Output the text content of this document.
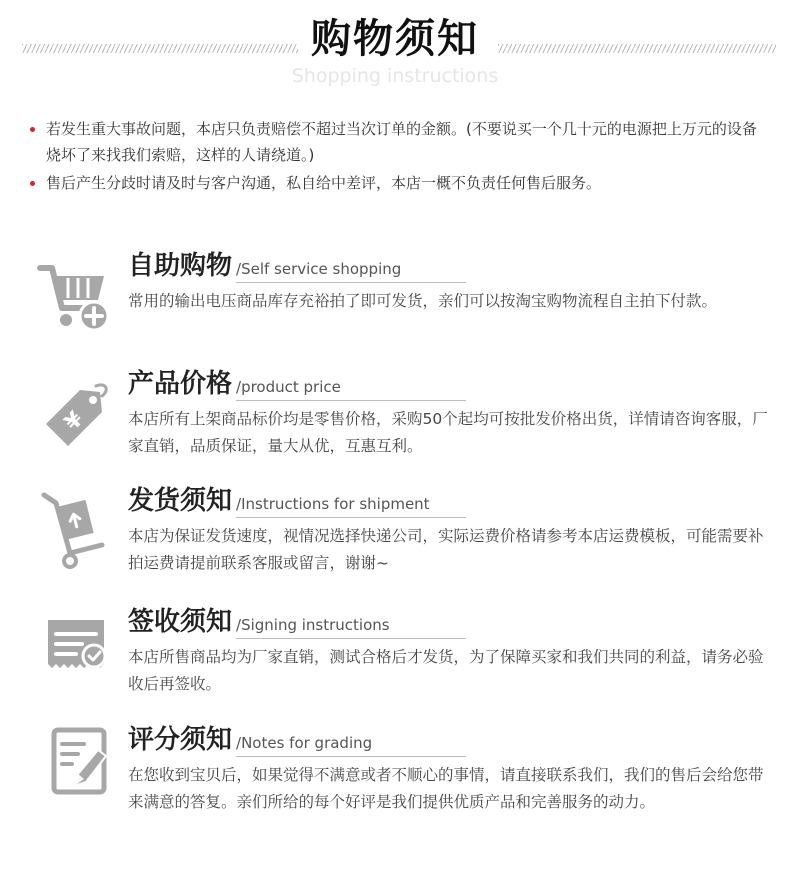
购物须知
Shopping instructions
若发生重大事故问题，本店只负责赔偿不超过当次订单的金额。(不要说买一个几十元的电源把上万元的设备烧坏了来找我们索赔，这样的人请绕道。)
售后产生分歧时请及时与客户沟通，私自给中差评，本店一概不负责任何售后服务。
自助购物 /Self service shopping
常用的输出电压商品库存充裕拍了即可发货，亲们可以按淘宝购物流程自主拍下付款。
¥
产品价格 /product price
本店所有上架商品标价均是零售价格，采购50个起均可按批发价格出货，详情请咨询客服，厂家直销，品质保证，量大从优，互惠互利。
发货须知 /Instructions for shipment
本店为保证发货速度，视情况选择快递公司，实际运费价格请参考本店运费模板，可能需要补拍运费请提前联系客服或留言，谢谢~
签收须知 /Signing instructions
本店所售商品均为厂家直销，测试合格后才发货，为了保障买家和我们共同的利益，请务必验收后再签收。
评分须知 /Notes for grading
在您收到宝贝后，如果觉得不满意或者不顺心的事情，请直接联系我们，我们的售后会给您带来满意的答复。亲们所给的每个好评是我们提供优质产品和完善服务的动力。
